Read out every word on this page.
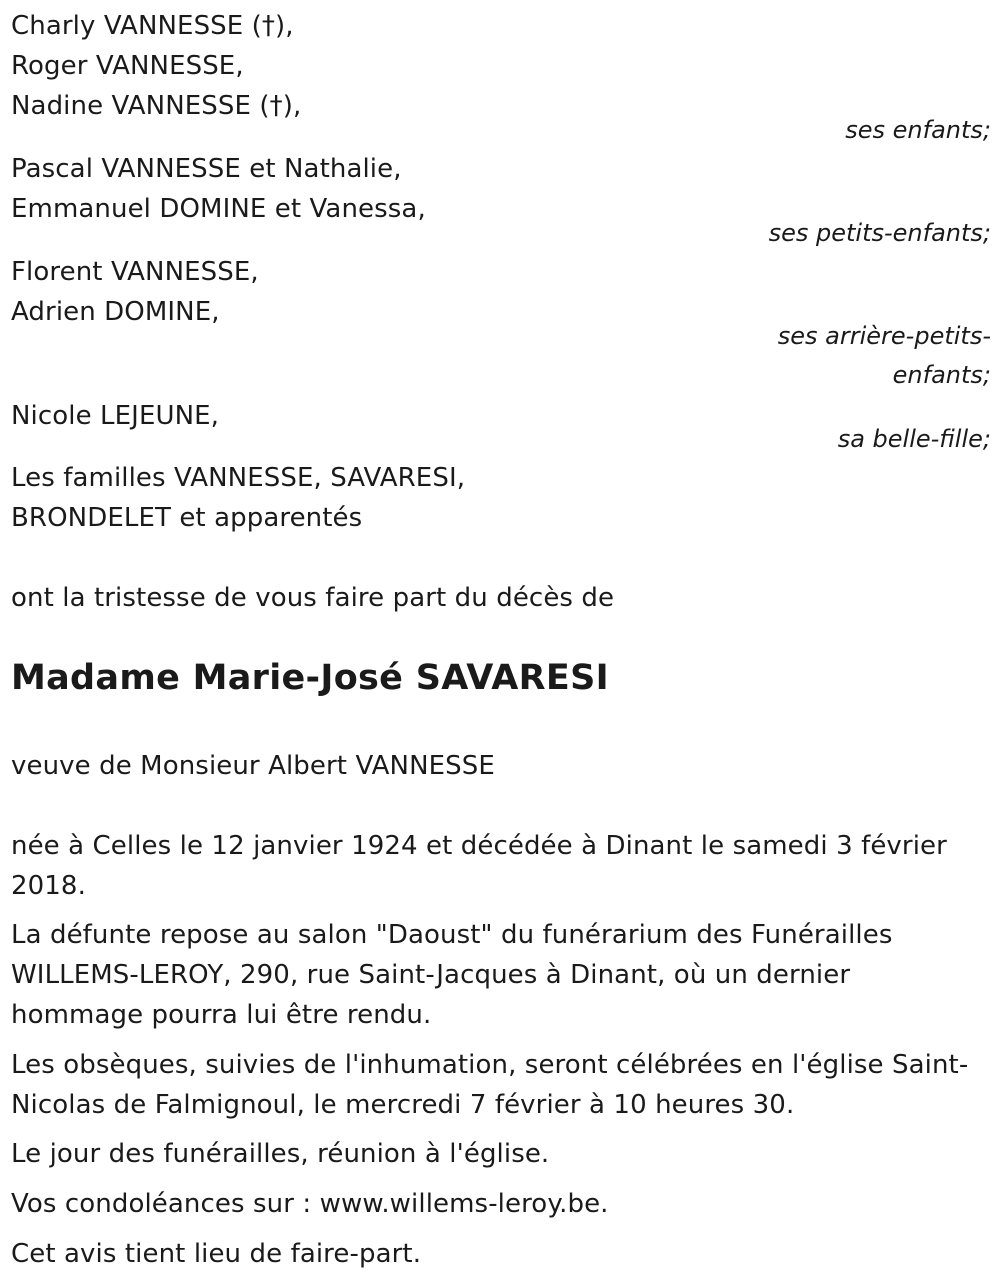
Charly VANNESSE (†),
Roger VANNESSE,
Nadine VANNESSE (†),
ses enfants;
Pascal VANNESSE et Nathalie,
Emmanuel DOMINE et Vanessa,
ses petits-enfants;
Florent VANNESSE,
Adrien DOMINE,
ses arrière-petits-
enfants;
Nicole LEJEUNE,
sa belle-fille;
Les familles VANNESSE, SAVARESI,
BRONDELET et apparentés
ont la tristesse de vous faire part du décès de
Madame Marie-José SAVARESI
veuve de Monsieur Albert VANNESSE
née à Celles le 12 janvier 1924 et décédée à Dinant le samedi 3 février 2018.
La défunte repose au salon "Daoust" du funérarium des Funérailles WILLEMS-LEROY, 290, rue Saint-Jacques à Dinant, où un dernier hommage pourra lui être rendu.
Les obsèques, suivies de l'inhumation, seront célébrées en l'église Saint-Nicolas de Falmignoul, le mercredi 7 février à 10 heures 30.
Le jour des funérailles, réunion à l'église.
Vos condoléances sur : www.willems-leroy.be.
Cet avis tient lieu de faire-part.
